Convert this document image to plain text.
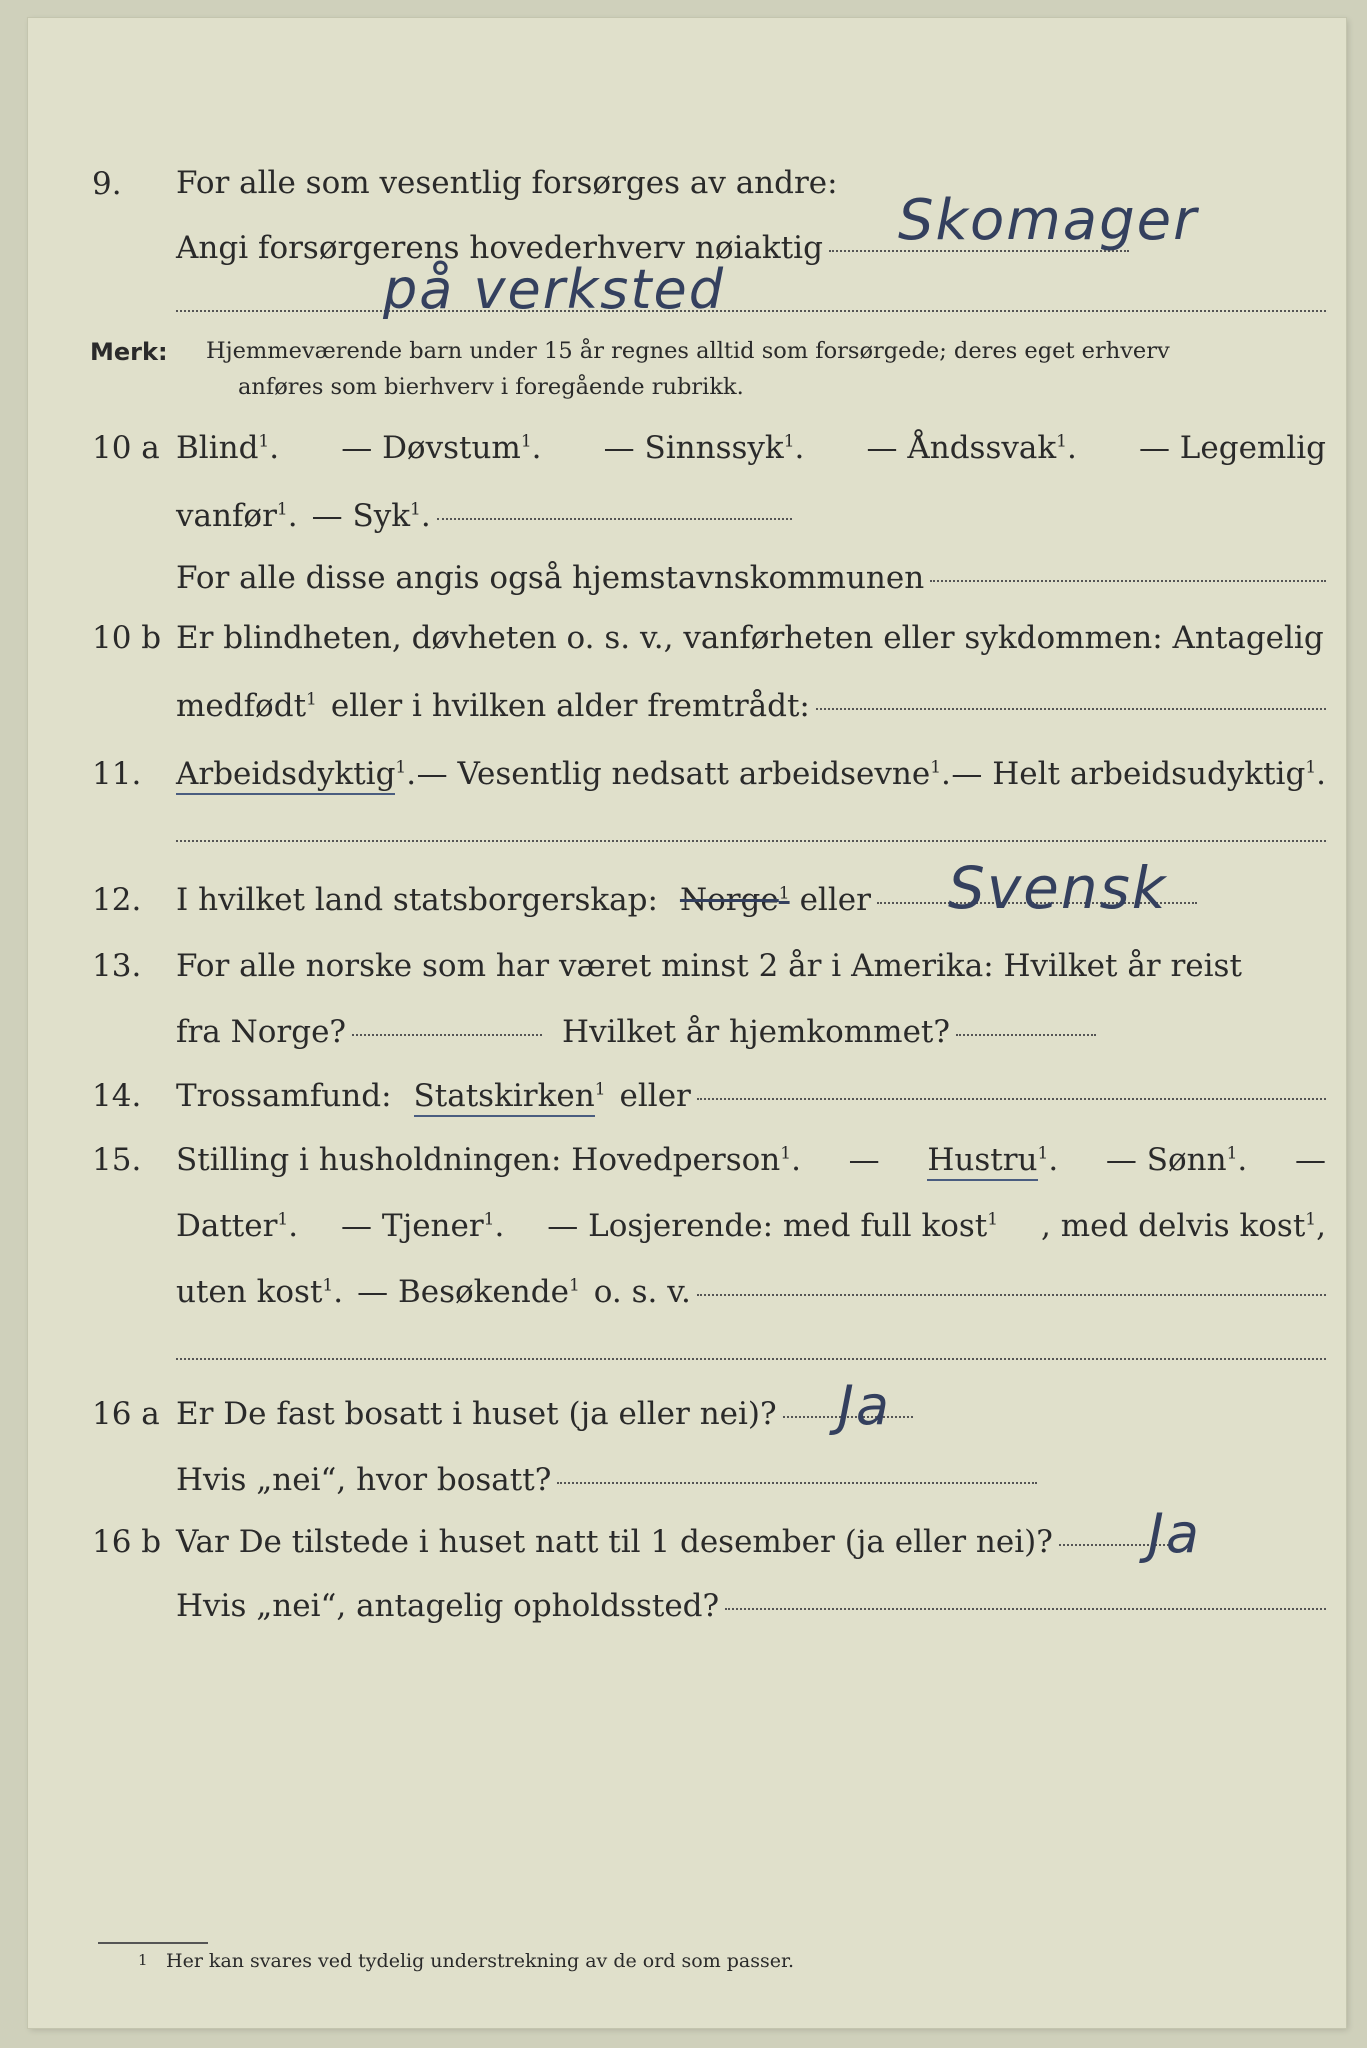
9.	For alle som vesentlig forsørges av andre:
Angi forsørgerens hovederhverv nøiaktig Skomager
på verksted
Merk: Hjemmeværende barn under 15 år regnes alltid som forsørgede; deres eget erhverv
anføres som bierhverv i foregående rubrikk.
10 a Blind$^1$. — Døvstum$^1$. — Sinnssyk$^1$. — Åndssvak$^1$. — Legemlig
vanfør$^1$. — Syk$^1$.
For alle disse angis også hjemstavnskommunen
10 b Er blindheten, døvheten o. s. v., vanførheten eller sykdommen: Antagelig
medfødt$^1$ eller i hvilken alder fremtrådt:
11.	Arbeidsdyktig$^1$. — Vesentlig nedsatt arbeidsevne$^1$. — Helt arbeidsudyktig$^1$.
12.	I hvilket land statsborgerskap: Norge$^1$ eller Svensk
13.	For alle norske som har været minst 2 år i Amerika: Hvilket år reist
fra Norge?	Hvilket år hjemkommet?
14.	Trossamfund: Statskirken$^1$ eller
15.	Stilling i husholdningen: Hovedperson$^1$. — Hustru$^1$. — Sønn$^1$. —
Datter$^1$. — Tjener$^1$. — Losjerende: med full kost$^1$ , med delvis kost$^1$,
uten kost$^1$. — Besøkende$^1$ o. s. v.
16 a Er De fast bosatt i huset (ja eller nei)? Ja
Hvis „nei“, hvor bosatt?
16 b Var De tilstede i huset natt til 1 desember (ja eller nei)? Ja
Hvis „nei“, antagelig opholdssted?
1 Her kan svares ved tydelig understrekning av de ord som passer.
